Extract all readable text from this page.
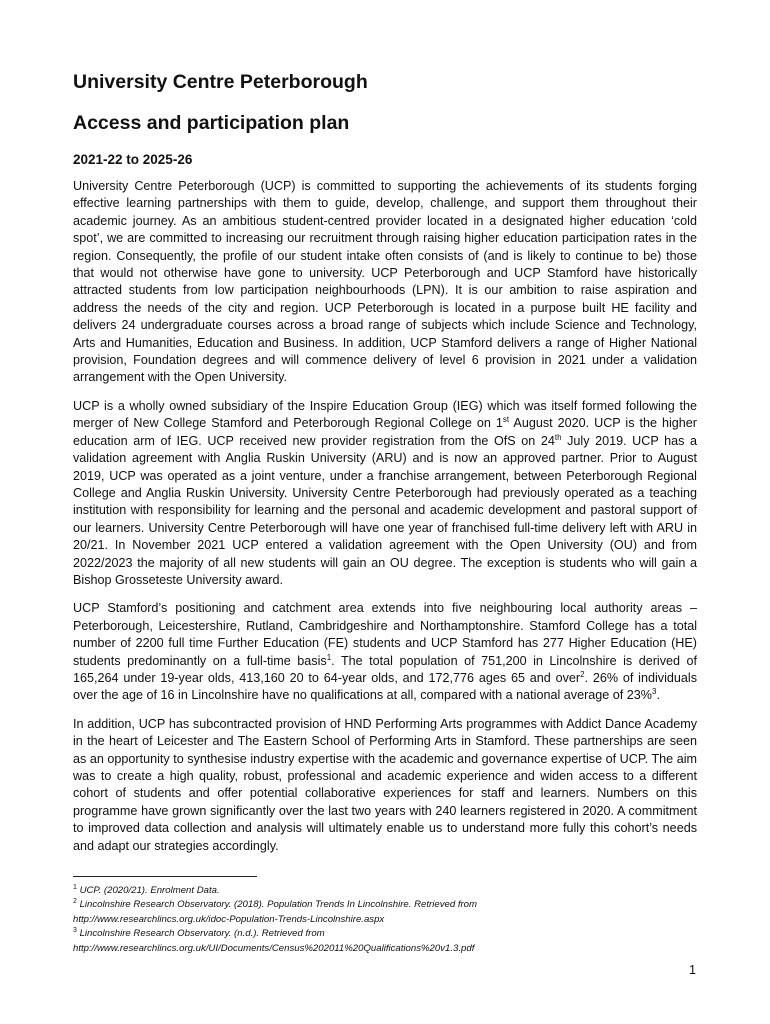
University Centre Peterborough
Access and participation plan
2021-22 to 2025-26

University Centre Peterborough (UCP) is committed to supporting the achievements of its students forging effective learning partnerships with them to guide, develop, challenge, and support them throughout their academic journey. As an ambitious student-centred provider located in a designated higher education ‘cold spot’, we are committed to increasing our recruitment through raising higher education participation rates in the region. Consequently, the profile of our student intake often consists of (and is likely to continue to be) those that would not otherwise have gone to university. UCP Peterborough and UCP Stamford have historically attracted students from low participation neighbourhoods (LPN). It is our ambition to raise aspiration and address the needs of the city and region. UCP Peterborough is located in a purpose built HE facility and delivers 24 undergraduate courses across a broad range of subjects which include Science and Technology, Arts and Humanities, Education and Business. In addition, UCP Stamford delivers a range of Higher National provision, Foundation degrees and will commence delivery of level 6 provision in 2021 under a validation arrangement with the Open University.

UCP is a wholly owned subsidiary of the Inspire Education Group (IEG) which was itself formed following the merger of New College Stamford and Peterborough Regional College on 1st August 2020. UCP is the higher education arm of IEG. UCP received new provider registration from the OfS on 24th July 2019. UCP has a validation agreement with Anglia Ruskin University (ARU) and is now an approved partner. Prior to August 2019, UCP was operated as a joint venture, under a franchise arrangement, between Peterborough Regional College and Anglia Ruskin University. University Centre Peterborough had previously operated as a teaching institution with responsibility for learning and the personal and academic development and pastoral support of our learners. University Centre Peterborough will have one year of franchised full-time delivery left with ARU in 20/21. In November 2021 UCP entered a validation agreement with the Open University (OU) and from 2022/2023 the majority of all new students will gain an OU degree. The exception is students who will gain a Bishop Grosseteste University award.

UCP Stamford’s positioning and catchment area extends into five neighbouring local authority areas – Peterborough, Leicestershire, Rutland, Cambridgeshire and Northamptonshire. Stamford College has a total number of 2200 full time Further Education (FE) students and UCP Stamford has 277 Higher Education (HE) students predominantly on a full-time basis$^1$. The total population of 751,200 in Lincolnshire is derived of 165,264 under 19-year olds, 413,160 20 to 64-year olds, and 172,776 ages 65 and over$^2$. 26% of individuals over the age of 16 in Lincolnshire have no qualifications at all, compared with a national average of 23%$^3$.

In addition, UCP has subcontracted provision of HND Performing Arts programmes with Addict Dance Academy in the heart of Leicester and The Eastern School of Performing Arts in Stamford. These partnerships are seen as an opportunity to synthesise industry expertise with the academic and governance expertise of UCP. The aim was to create a high quality, robust, professional and academic experience and widen access to a different cohort of students and offer potential collaborative experiences for staff and learners. Numbers on this programme have grown significantly over the last two years with 240 learners registered in 2020. A commitment to improved data collection and analysis will ultimately enable us to understand more fully this cohort’s needs and adapt our strategies accordingly.

$^1$ UCP. (2020/21). Enrolment Data.
$^2$ Lincolnshire Research Observatory. (2018). Population Trends In Lincolnshire. Retrieved from
http://www.researchlincs.org.uk/idoc-Population-Trends-Lincolnshire.aspx
$^3$ Lincolnshire Research Observatory. (n.d.). Retrieved from
http://www.researchlincs.org.uk/UI/Documents/Census%202011%20Qualifications%20v1.3.pdf
1
